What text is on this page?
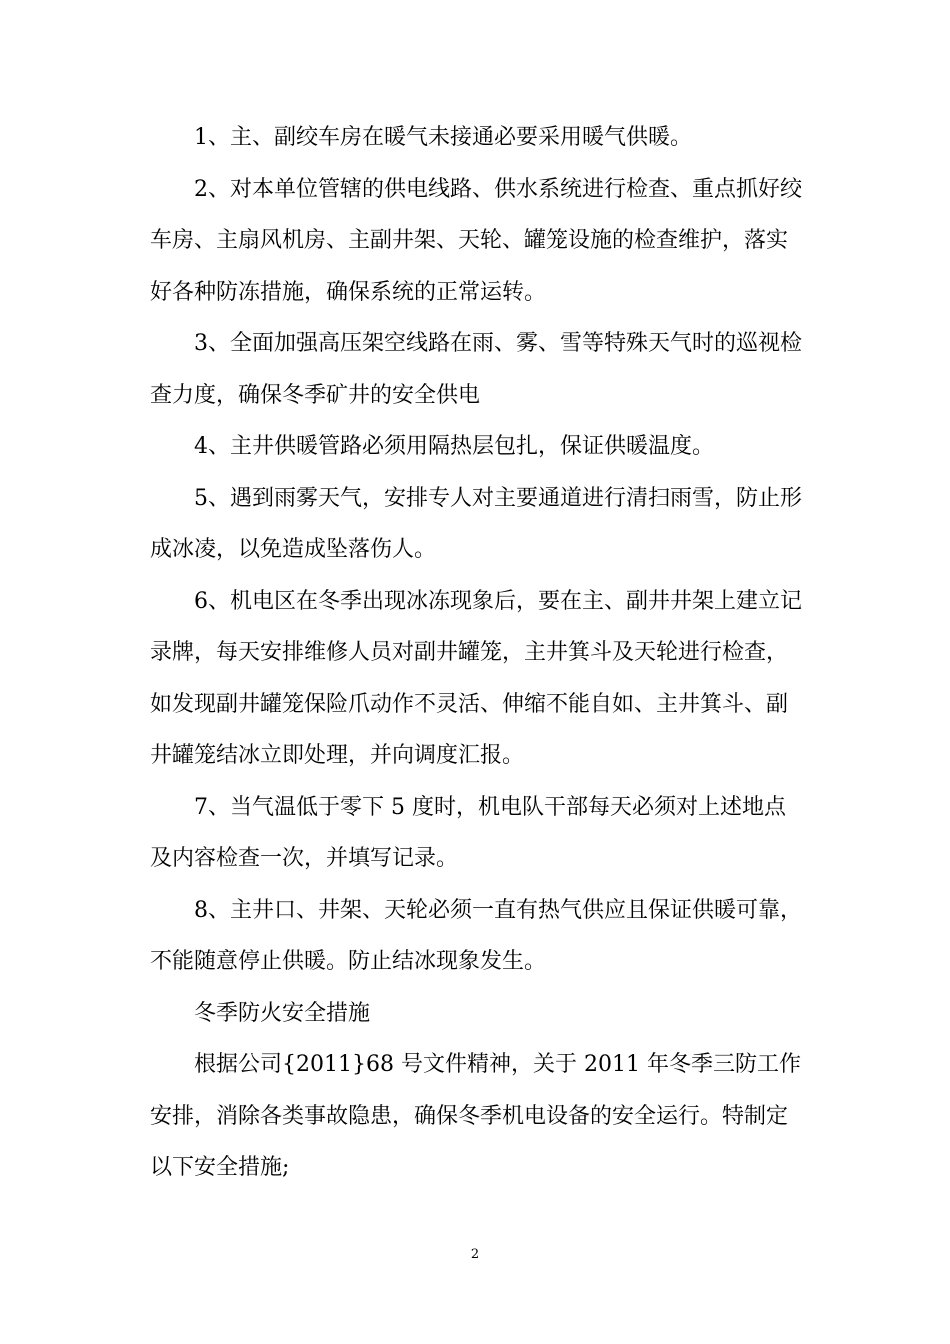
1、主、副绞车房在暖气未接通必要采用暖气供暖。

2、对本单位管辖的供电线路、供水系统进行检查、重点抓好绞车房、主扇风机房、主副井架、天轮、罐笼设施的检查维护，落实好各种防冻措施，确保系统的正常运转。

3、全面加强高压架空线路在雨、雾、雪等特殊天气时的巡视检查力度，确保冬季矿井的安全供电

4、主井供暖管路必须用隔热层包扎，保证供暖温度。

5、遇到雨雾天气，安排专人对主要通道进行清扫雨雪，防止形成冰凌，以免造成坠落伤人。

6、机电区在冬季出现冰冻现象后，要在主、副井井架上建立记录牌，每天安排维修人员对副井罐笼，主井箕斗及天轮进行检查，如发现副井罐笼保险爪动作不灵活、伸缩不能自如、主井箕斗、副井罐笼结冰立即处理，并向调度汇报。

7、当气温低于零下 5 度时，机电队干部每天必须对上述地点及内容检查一次，并填写记录。

8、主井口、井架、天轮必须一直有热气供应且保证供暖可靠，不能随意停止供暖。防止结冰现象发生。

冬季防火安全措施

根据公司{2011}68 号文件精神，关于 2011 年冬季三防工作安排，消除各类事故隐患，确保冬季机电设备的安全运行。特制定以下安全措施;

2
